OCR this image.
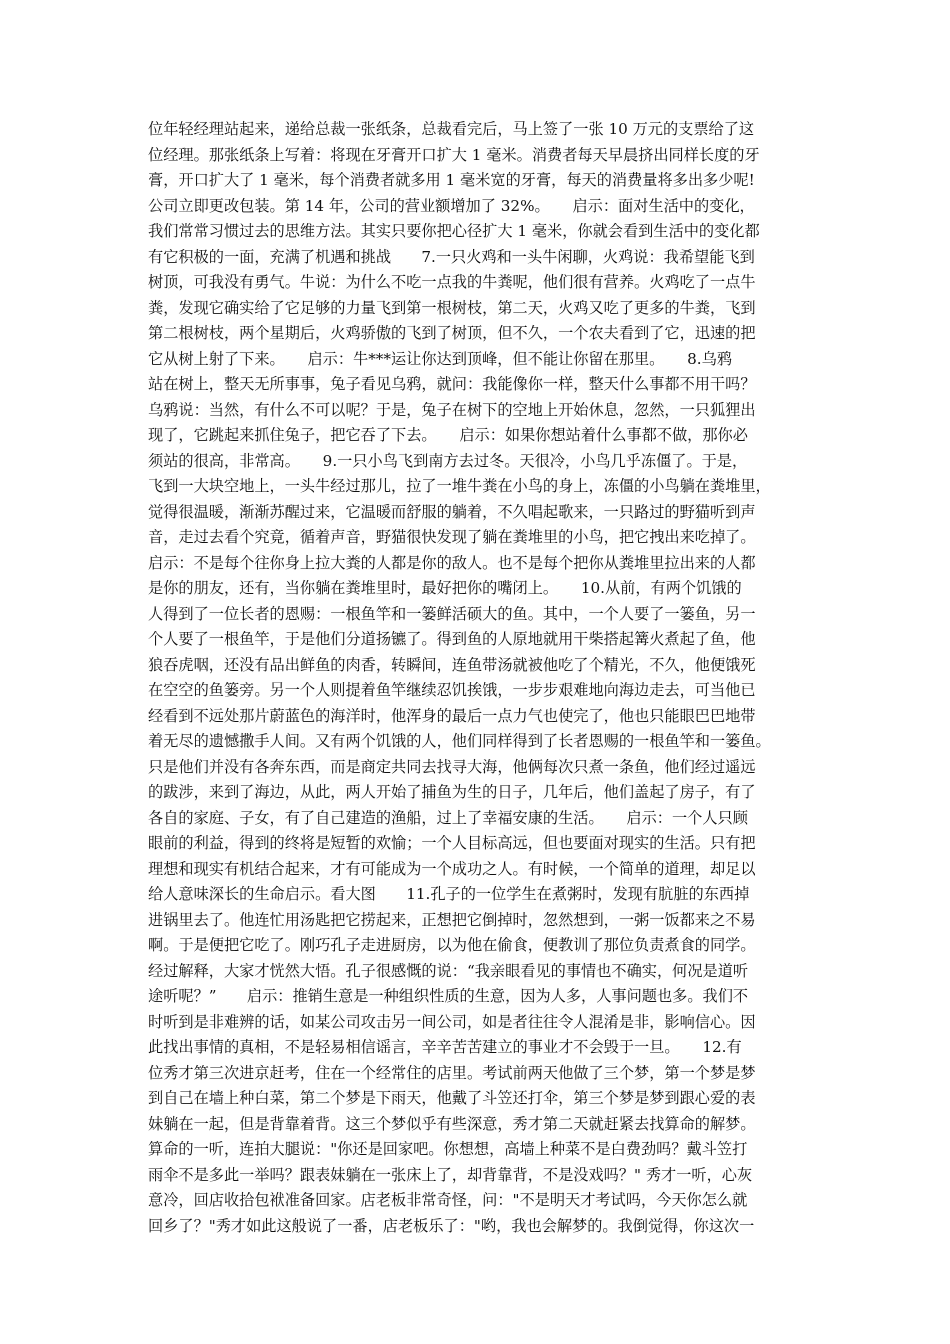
位年轻经理站起来，递给总裁一张纸条，总裁看完后，马上签了一张 10 万元的支票给了这
位经理。那张纸条上写着：将现在牙膏开口扩大 1 毫米。消费者每天早晨挤出同样长度的牙
膏，开口扩大了 1 毫米，每个消费者就多用 1 毫米宽的牙膏，每天的消费量将多出多少呢!
公司立即更改包装。第 14 年，公司的营业额增加了 32%。　　启示：面对生活中的变化，
我们常常习惯过去的思维方法。其实只要你把心径扩大 1 毫米，你就会看到生活中的变化都
有它积极的一面，充满了机遇和挑战　　7.一只火鸡和一头牛闲聊，火鸡说：我希望能飞到
树顶，可我没有勇气。牛说：为什么不吃一点我的牛粪呢，他们很有营养。火鸡吃了一点牛
粪，发现它确实给了它足够的力量飞到第一根树枝，第二天，火鸡又吃了更多的牛粪，飞到
第二根树枝，两个星期后，火鸡骄傲的飞到了树顶，但不久，一个农夫看到了它，迅速的把
它从树上射了下来。　　启示：牛***运让你达到顶峰，但不能让你留在那里。　　8.乌鸦
站在树上，整天无所事事，兔子看见乌鸦，就问：我能像你一样，整天什么事都不用干吗？
乌鸦说：当然，有什么不可以呢？于是，兔子在树下的空地上开始休息，忽然，一只狐狸出
现了，它跳起来抓住兔子，把它吞了下去。　　启示：如果你想站着什么事都不做，那你必
须站的很高，非常高。　　9.一只小鸟飞到南方去过冬。天很冷，小鸟几乎冻僵了。于是，
飞到一大块空地上，一头牛经过那儿，拉了一堆牛粪在小鸟的身上，冻僵的小鸟躺在粪堆里，
觉得很温暖，渐渐苏醒过来，它温暖而舒服的躺着，不久唱起歌来，一只路过的野猫听到声
音，走过去看个究竟，循着声音，野猫很快发现了躺在粪堆里的小鸟，把它拽出来吃掉了。
启示：不是每个往你身上拉大粪的人都是你的敌人。也不是每个把你从粪堆里拉出来的人都
是你的朋友，还有，当你躺在粪堆里时，最好把你的嘴闭上。　　10.从前，有两个饥饿的
人得到了一位长者的恩赐：一根鱼竿和一篓鲜活硕大的鱼。其中，一个人要了一篓鱼，另一
个人要了一根鱼竿，于是他们分道扬镳了。得到鱼的人原地就用干柴搭起篝火煮起了鱼，他
狼吞虎咽，还没有品出鲜鱼的肉香，转瞬间，连鱼带汤就被他吃了个精光，不久，他便饿死
在空空的鱼篓旁。另一个人则提着鱼竿继续忍饥挨饿，一步步艰难地向海边走去，可当他已
经看到不远处那片蔚蓝色的海洋时，他浑身的最后一点力气也使完了，他也只能眼巴巴地带
着无尽的遗憾撒手人间。又有两个饥饿的人，他们同样得到了长者恩赐的一根鱼竿和一篓鱼。
只是他们并没有各奔东西，而是商定共同去找寻大海，他俩每次只煮一条鱼，他们经过遥远
的跋涉，来到了海边，从此，两人开始了捕鱼为生的日子，几年后，他们盖起了房子，有了
各自的家庭、子女，有了自己建造的渔船，过上了幸福安康的生活。　　启示：一个人只顾
眼前的利益，得到的终将是短暂的欢愉；一个人目标高远，但也要面对现实的生活。只有把
理想和现实有机结合起来，才有可能成为一个成功之人。有时候，一个简单的道理，却足以
给人意味深长的生命启示。看大图　　11.孔子的一位学生在煮粥时，发现有肮脏的东西掉
进锅里去了。他连忙用汤匙把它捞起来，正想把它倒掉时，忽然想到，一粥一饭都来之不易
啊。于是便把它吃了。刚巧孔子走进厨房，以为他在偷食，便教训了那位负责煮食的同学。
经过解释，大家才恍然大悟。孔子很感慨的说：“我亲眼看见的事情也不确实，何况是道听
途听呢？”　　启示：推销生意是一种组织性质的生意，因为人多，人事问题也多。我们不
时听到是非难辨的话，如某公司攻击另一间公司，如是者往往令人混淆是非，影响信心。因
此找出事情的真相，不是轻易相信谣言，辛辛苦苦建立的事业才不会毁于一旦。　　12.有
位秀才第三次进京赶考，住在一个经常住的店里。考试前两天他做了三个梦，第一个梦是梦
到自己在墙上种白菜，第二个梦是下雨天，他戴了斗笠还打伞，第三个梦是梦到跟心爱的表
妹躺在一起，但是背靠着背。这三个梦似乎有些深意，秀才第二天就赶紧去找算命的解梦。
算命的一听，连拍大腿说："你还是回家吧。你想想，高墙上种菜不是白费劲吗？戴斗笠打
雨伞不是多此一举吗？跟表妹躺在一张床上了，却背靠背，不是没戏吗？" 秀才一听，心灰
意冷，回店收拾包袱准备回家。店老板非常奇怪，问："不是明天才考试吗，今天你怎么就
回乡了？"秀才如此这般说了一番，店老板乐了："哟，我也会解梦的。我倒觉得，你这次一
